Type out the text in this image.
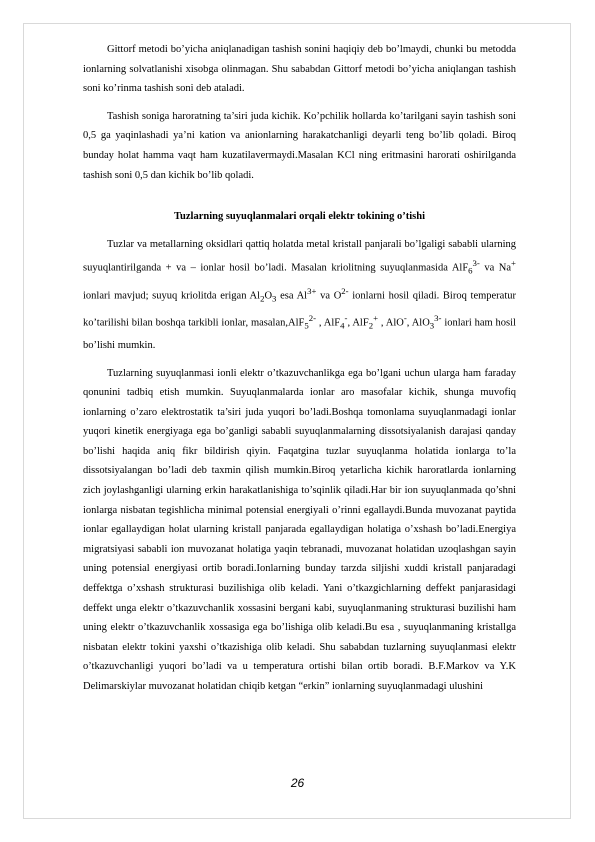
Gittorf metodi bo’yicha aniqlanadigan tashish sonini haqiqiy deb bo’lmaydi, chunki bu metodda ionlarning solvatlanishi xisobga olinmagan. Shu sababdan Gittorf metodi bo’yicha aniqlangan tashish soni ko’rinma tashish soni deb ataladi.

Tashish soniga haroratning ta’siri juda kichik. Ko’pchilik hollarda ko’tarilgani sayin tashish soni 0,5 ga yaqinlashadi ya’ni kation va anionlarning harakatchanligi deyarli teng bo’lib qoladi. Biroq bunday holat hamma vaqt ham kuzatilavermaydi.Masalan KCl ning eritmasini harorati oshirilganda tashish soni 0,5 dan kichik bo’lib qoladi.

Tuzlarning suyuqlanmalari orqali elektr tokining o’tishi

Tuzlar va metallarning oksidlari qattiq holatda metal kristall panjarali bo’lgaligi sababli ularning suyuqlantirilganda + va – ionlar hosil bo’ladi. Masalan kriolitning suyuqlanmasida AlF$_6^{3-}$ va Na+ ionlari mavjud; suyuq kriolitda erigan $Al_2O_3$ esa $Al^{3+}$ va $O^{2-}$ ionlarni hosil qiladi. Biroq temperatur ko’tarilishi bilan boshqa tarkibli ionlar, masalan,AlF$_5^{2-}$ , AlF$_4$-, AlF$_2$+ , AlO-, AlO$_3^{3-}$ ionlari ham hosil bo’lishi mumkin.

Tuzlarning suyuqlanmasi ionli elektr o’tkazuvchanlikga ega bo’lgani uchun ularga ham faraday qonunini tadbiq etish mumkin. Suyuqlanmalarda ionlar aro masofalar kichik, shunga muvofiq ionlarning o’zaro elektrostatik ta’siri juda yuqori bo’ladi.Boshqa tomonlama suyuqlanmadagi ionlar yuqori kinetik energiyaga ega bo’ganligi sababli suyuqlanmalarning dissotsiyalanish darajasi qanday bo’lishi haqida aniq fikr bildirish qiyin. Faqatgina tuzlar suyuqlanma holatida ionlarga to’la dissotsiyalangan bo’ladi deb taxmin qilish mumkin.Biroq yetarlicha kichik haroratlarda ionlarning zich joylashganligi ularning erkin harakatlanishiga to’sqinlik qiladi.Har bir ion suyuqlanmada qo’shni ionlarga nisbatan tegishlicha minimal potensial energiyali o’rinni egallaydi.Bunda muvozanat paytida ionlar egallaydigan holat ularning kristall panjarada egallaydigan holatiga o’xshash bo’ladi.Energiya migratsiyasi sababli ion muvozanat holatiga yaqin tebranadi, muvozanat holatidan uzoqlashgan sayin uning potensial energiyasi ortib boradi.Ionlarning bunday tarzda siljishi xuddi kristall panjaradagi deffektga o’xshash strukturasi buzilishiga olib keladi. Yani o’tkazgichlarning deffekt panjarasidagi deffekt unga elektr o’tkazuvchanlik xossasini bergani kabi, suyuqlanmaning strukturasi buzilishi ham uning elektr o’tkazuvchanlik xossasiga ega bo’lishiga olib keladi.Bu esa , suyuqlanmaning kristallga nisbatan elektr tokini yaxshi o’tkazishiga olib keladi. Shu sababdan tuzlarning suyuqlanmasi elektr o’tkazuvchanligi yuqori bo’ladi va u temperatura ortishi bilan ortib boradi. B.F.Markov va Y.K Delimarskiylar muvozanat holatidan chiqib ketgan “erkin” ionlarning suyuqlanmadagi ulushini

26
